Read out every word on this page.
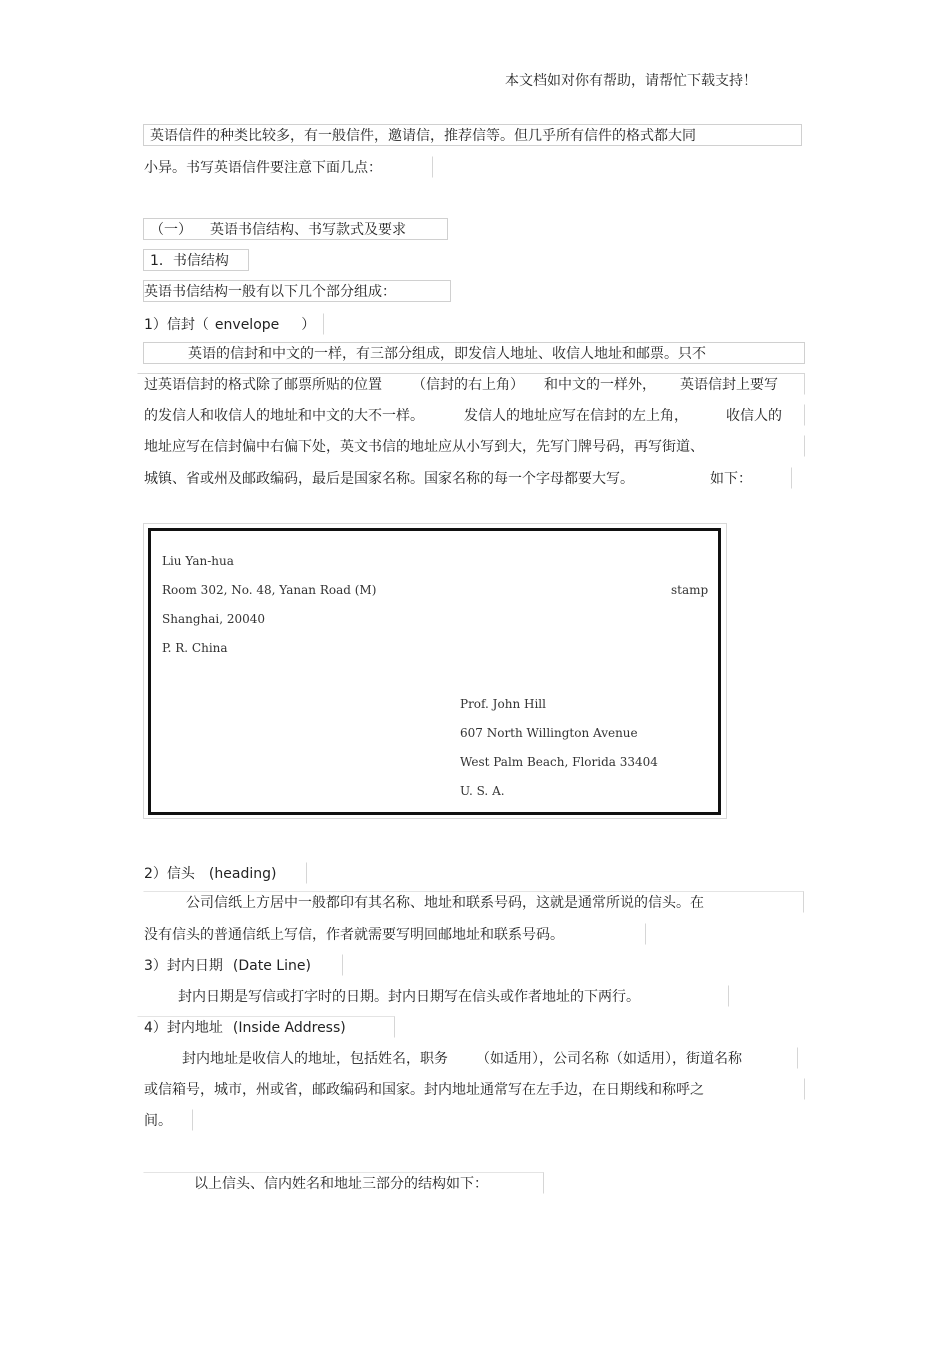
本文档如对你有帮助，请帮忙下载支持！
英语信件的种类比较多，有一般信件，邀请信，推荐信等。但几乎所有信件的格式都大同
小异。书写英语信件要注意下面几点：
（一） 英语书信结构、书写款式及要求
1．书信结构
英语书信结构一般有以下几个部分组成：
1）信封（ envelope ）
英语的信封和中文的一样，有三部分组成，即发信人地址、收信人地址和邮票。只不
过英语信封的格式除了邮票所贴的位置 （信封的右上角） 和中文的一样外， 英语信封上要写
的发信人和收信人的地址和中文的大不一样。	发信人的地址应写在信封的左上角，	收信人的
地址应写在信封偏中右偏下处，英文书信的地址应从小写到大，先写门牌号码，再写街道、
城镇、省或州及邮政编码，最后是国家名称。国家名称的每一个字母都要大写。	如下：
Liu Yan-hua
Room 302, No. 48, Yanan Road (M)
Shanghai, 20040
P. R. China
stamp
Prof. John Hill
607 North Willington Avenue
West Palm Beach, Florida 33404
U. S. A.
2）信头 (heading)
公司信纸上方居中一般都印有其名称、地址和联系号码，这就是通常所说的信头。在
没有信头的普通信纸上写信，作者就需要写明回邮地址和联系号码。
3）封内日期 (Date Line)
封内日期是写信或打字时的日期。封内日期写在信头或作者地址的下两行。
4）封内地址 (Inside Address)
封内地址是收信人的地址，包括姓名，职务 （如适用），公司名称（如适用），街道名称
或信箱号，城市，州或省，邮政编码和国家。封内地址通常写在左手边，在日期线和称呼之
间。
以上信头、信内姓名和地址三部分的结构如下：
